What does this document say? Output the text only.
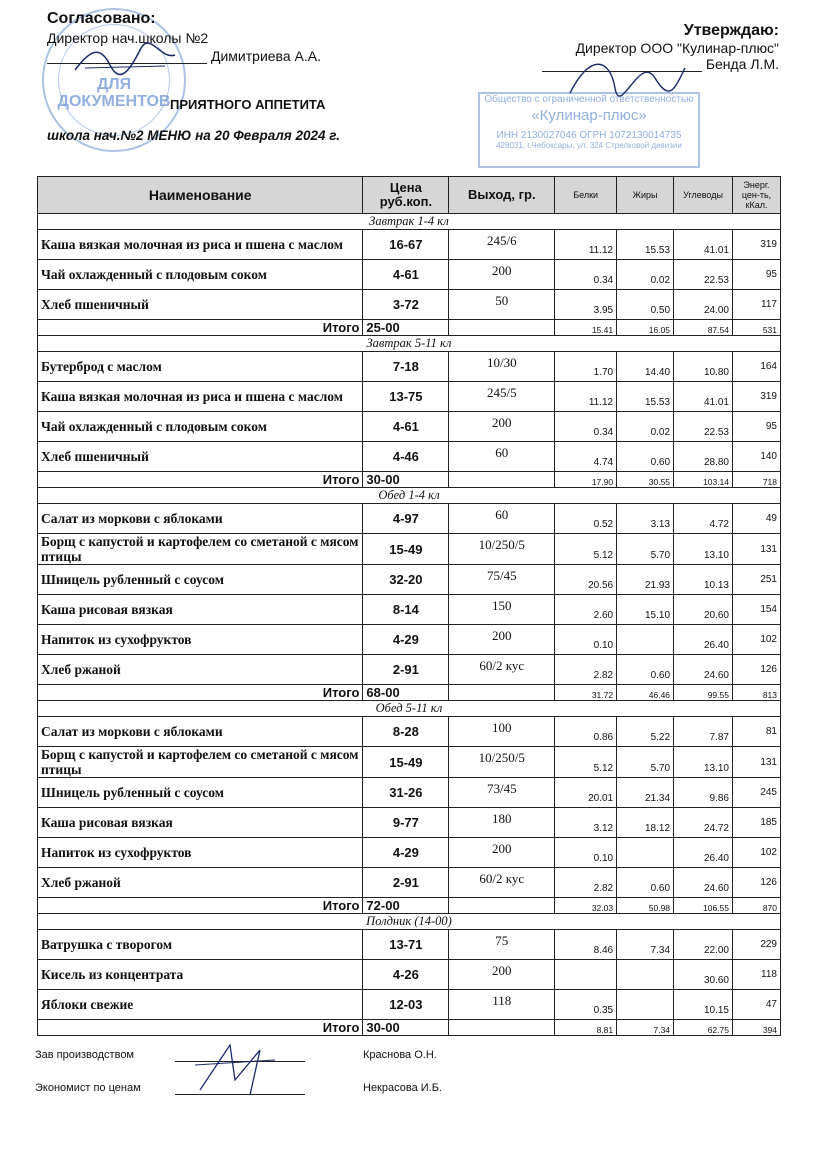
ДЛЯ ДОКУМЕНТОВ	Общество с ограниченной ответственностью
«Кулинар-плюс»
ИНН 2130027046 ОГРН 1072130014735
428031, г.Чебоксары, ул. 324 Стрелковой дивизии
Согласовано:
Директор нач.школы №2
Димитриева А.А.
Утверждаю:
Директор ООО "Кулинар-плюс"
Бенда Л.М.
ПРИЯТНОГО АППЕТИТА
школа нач.№2 МЕНЮ на 20 Февраля 2024 г.
Наименование	Цена руб.коп.	Выход, гр.	Белки	Жиры	Углеводы	Энерг. цен-ть, кКал.
Завтрак 1-4 кл						
Каша вязкая молочная из риса и пшена с маслом	16-67	245/6	11.12	15.53	41.01	319
Чай охлажденный с плодовым соком	4-61	200	0.34	0.02	22.53	95
Хлеб пшеничный	3-72	50	3.95	0.50	24.00	117
Итого	25-00		15.41	16.05	87.54	531
Завтрак 5-11 кл						
Бутерброд с маслом	7-18	10/30	1.70	14.40	10.80	164
Каша вязкая молочная из риса и пшена с маслом	13-75	245/5	11.12	15.53	41.01	319
Чай охлажденный с плодовым соком	4-61	200	0.34	0.02	22.53	95
Хлеб пшеничный	4-46	60	4.74	0.60	28.80	140
Итого	30-00		17.90	30.55	103.14	718
Обед 1-4 кл						
Салат из моркови с яблоками	4-97	60	0.52	3.13	4.72	49
Борщ с капустой и картофелем со сметаной с мясом птицы	15-49	10/250/5	5.12	5.70	13.10	131
Шницель рубленный с соусом	32-20	75/45	20.56	21.93	10.13	251
Каша рисовая вязкая	8-14	150	2.60	15.10	20.60	154
Напиток из сухофруктов	4-29	200	0.10		26.40	102
Хлеб ржаной	2-91	60/2 кус	2.82	0.60	24.60	126
Итого	68-00		31.72	46.46	99.55	813
Обед 5-11 кл						
Салат из моркови с яблоками	8-28	100	0.86	5.22	7.87	81
Борщ с капустой и картофелем со сметаной с мясом птицы	15-49	10/250/5	5.12	5.70	13.10	131
Шницель рубленный с соусом	31-26	73/45	20.01	21.34	9.86	245
Каша рисовая вязкая	9-77	180	3.12	18.12	24.72	185
Напиток из сухофруктов	4-29	200	0.10		26.40	102
Хлеб ржаной	2-91	60/2 кус	2.82	0.60	24.60	126
Итого	72-00		32.03	50.98	106.55	870
Полдник (14-00)						
Ватрушка с творогом	13-71	75	8.46	7.34	22.00	229
Кисель из концентрата	4-26	200			30.60	118
Яблоки свежие	12-03	118	0.35		10.15	47
Итого	30-00		8.81	7.34	62.75	394
Зав производством	Краснова О.Н.
Экономист по ценам	Некрасова И.Б.
